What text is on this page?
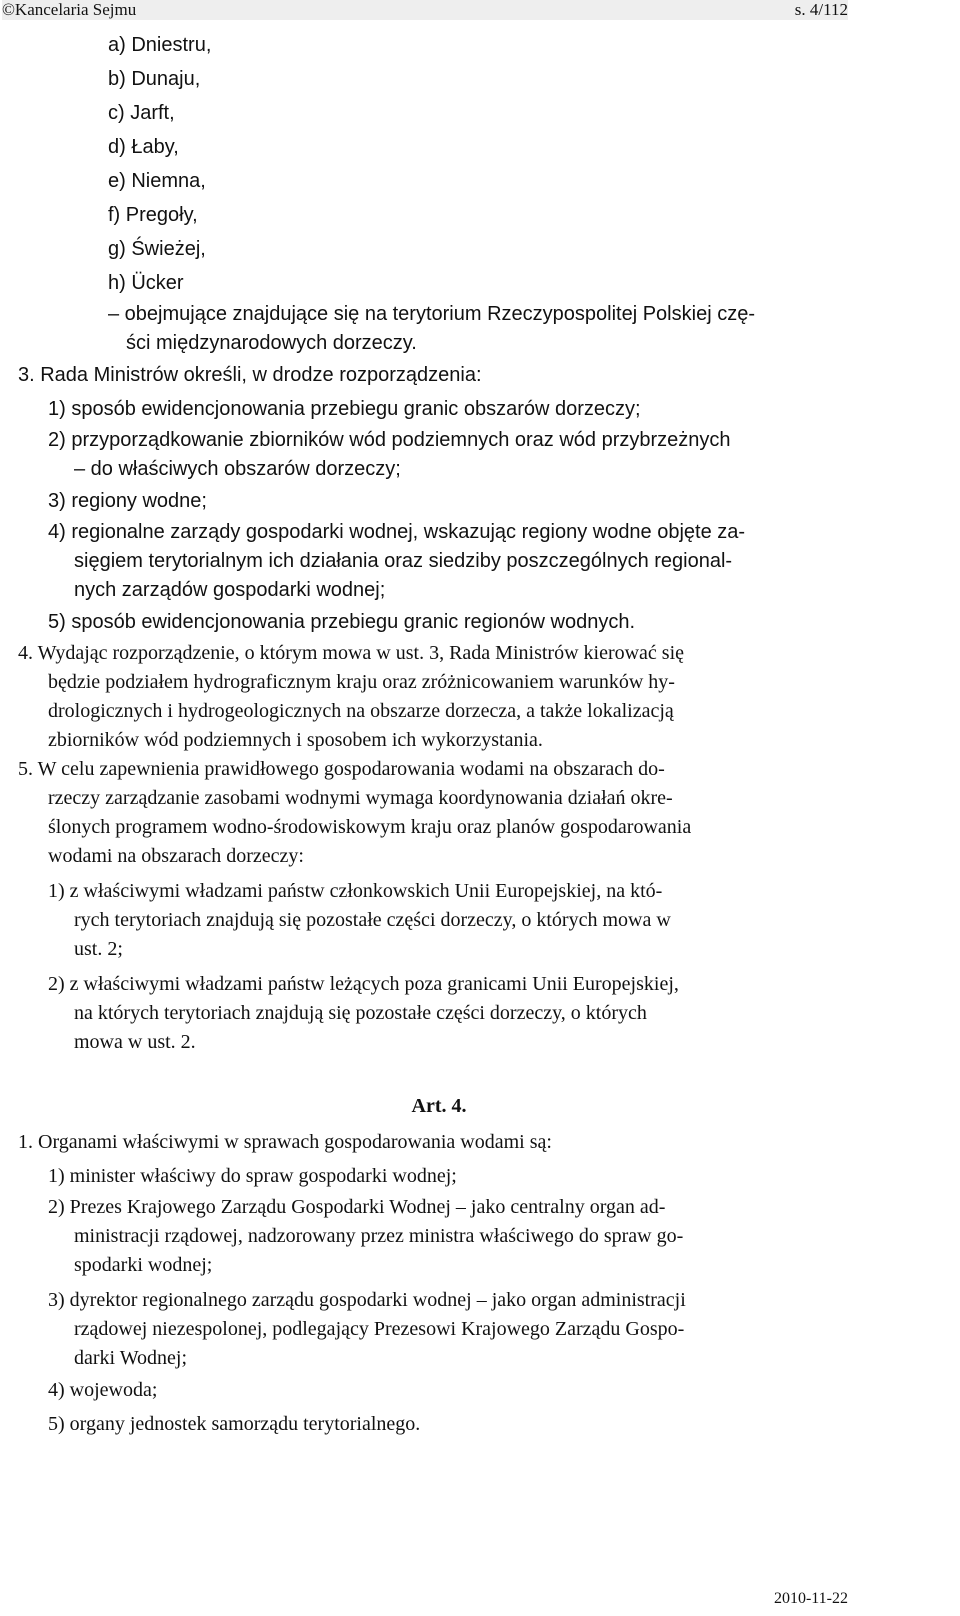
©Kancelaria Sejmu	s. 4/112
a) Dniestru,
b) Dunaju,
c) Jarft,
d) Łaby,
e) Niemna,
f) Pregoły,
g) Świeżej,
h) Ücker
– obejmujące znajdujące się na terytorium Rzeczypospolitej Polskiej czę-
ści międzynarodowych dorzeczy.
3. Rada Ministrów określi, w drodze rozporządzenia:
1) sposób ewidencjonowania przebiegu granic obszarów dorzeczy;
2) przyporządkowanie zbiorników wód podziemnych oraz wód przybrzeżnych
– do właściwych obszarów dorzeczy;
3) regiony wodne;
4) regionalne zarządy gospodarki wodnej, wskazując regiony wodne objęte za-
sięgiem terytorialnym ich działania oraz siedziby poszczególnych regional-
nych zarządów gospodarki wodnej;
5) sposób ewidencjonowania przebiegu granic regionów wodnych.
4. Wydając rozporządzenie, o którym mowa w ust. 3, Rada Ministrów kierować się
będzie podziałem hydrograficznym kraju oraz zróżnicowaniem warunków hy-
drologicznych i hydrogeologicznych na obszarze dorzecza, a także lokalizacją
zbiorników wód podziemnych i sposobem ich wykorzystania.
5. W celu zapewnienia prawidłowego gospodarowania wodami na obszarach do-
rzeczy zarządzanie zasobami wodnymi wymaga koordynowania działań okre-
ślonych programem wodno-środowiskowym kraju oraz planów gospodarowania
wodami na obszarach dorzeczy:
1) z właściwymi władzami państw członkowskich Unii Europejskiej, na któ-
rych terytoriach znajdują się pozostałe części dorzeczy, o których mowa w
ust. 2;
2) z właściwymi władzami państw leżących poza granicami Unii Europejskiej,
na których terytoriach znajdują się pozostałe części dorzeczy, o których
mowa w ust. 2.
Art. 4.
1. Organami właściwymi w sprawach gospodarowania wodami są:
1) minister właściwy do spraw gospodarki wodnej;
2) Prezes Krajowego Zarządu Gospodarki Wodnej – jako centralny organ ad-
ministracji rządowej, nadzorowany przez ministra właściwego do spraw go-
spodarki wodnej;
3) dyrektor regionalnego zarządu gospodarki wodnej – jako organ administracji
rządowej niezespolonej, podlegający Prezesowi Krajowego Zarządu Gospo-
darki Wodnej;
4) wojewoda;
5) organy jednostek samorządu terytorialnego.
2010-11-22
